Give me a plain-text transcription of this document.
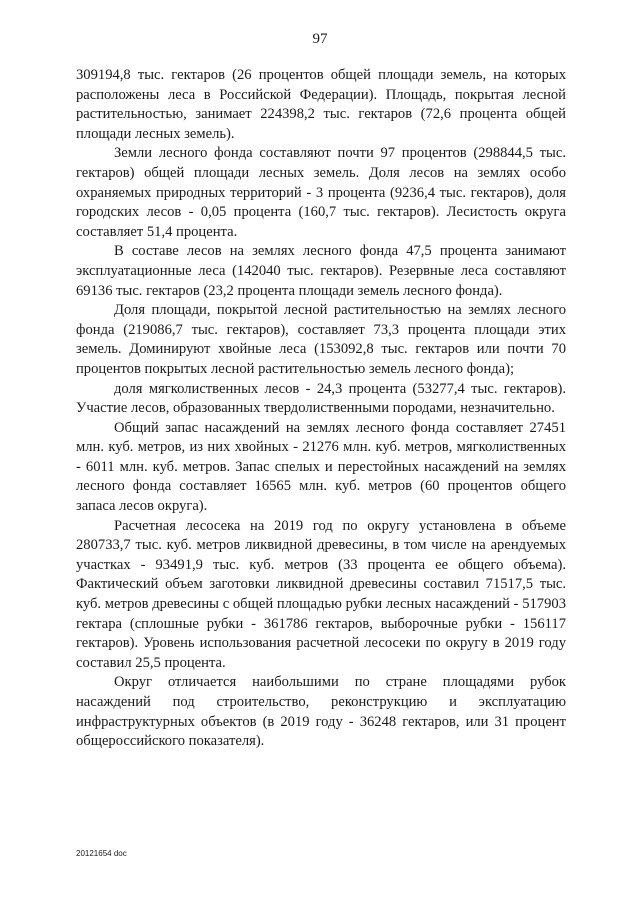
97

309194,8 тыс. гектаров (26 процентов общей площади земель, на которых расположены леса в Российской Федерации). Площадь, покрытая лесной растительностью, занимает 224398,2 тыс. гектаров (72,6 процента общей площади лесных земель).

Земли лесного фонда составляют почти 97 процентов (298844,5 тыс. гектаров) общей площади лесных земель. Доля лесов на землях особо охраняемых природных территорий - 3 процента (9236,4 тыс. гектаров), доля городских лесов - 0,05 процента (160,7 тыс. гектаров). Лесистость округа составляет 51,4 процента.

В составе лесов на землях лесного фонда 47,5 процента занимают эксплуатационные леса (142040 тыс. гектаров). Резервные леса составляют 69136 тыс. гектаров (23,2 процента площади земель лесного фонда).

Доля площади, покрытой лесной растительностью на землях лесного фонда (219086,7 тыс. гектаров), составляет 73,3 процента площади этих земель. Доминируют хвойные леса (153092,8 тыс. гектаров или почти 70 процентов покрытых лесной растительностью земель лесного фонда);

доля мягколиственных лесов - 24,3 процента (53277,4 тыс. гектаров). Участие лесов, образованных твердолиственными породами, незначительно.

Общий запас насаждений на землях лесного фонда составляет 27451 млн. куб. метров, из них хвойных - 21276 млн. куб. метров, мягколиственных - 6011 млн. куб. метров. Запас спелых и перестойных насаждений на землях лесного фонда составляет 16565 млн. куб. метров (60 процентов общего запаса лесов округа).

Расчетная лесосека на 2019 год по округу установлена в объеме 280733,7 тыс. куб. метров ликвидной древесины, в том числе на арендуемых участках - 93491,9 тыс. куб. метров (33 процента ее общего объема). Фактический объем заготовки ликвидной древесины составил 71517,5 тыс. куб. метров древесины с общей площадью рубки лесных насаждений - 517903 гектара (сплошные рубки - 361786 гектаров, выборочные рубки - 156117 гектаров). Уровень использования расчетной лесосеки по округу в 2019 году составил 25,5 процента.

Округ отличается наибольшими по стране площадями рубок насаждений под строительство, реконструкцию и эксплуатацию инфраструктурных объектов (в 2019 году - 36248 гектаров, или 31 процент общероссийского показателя).

20121654 doc
